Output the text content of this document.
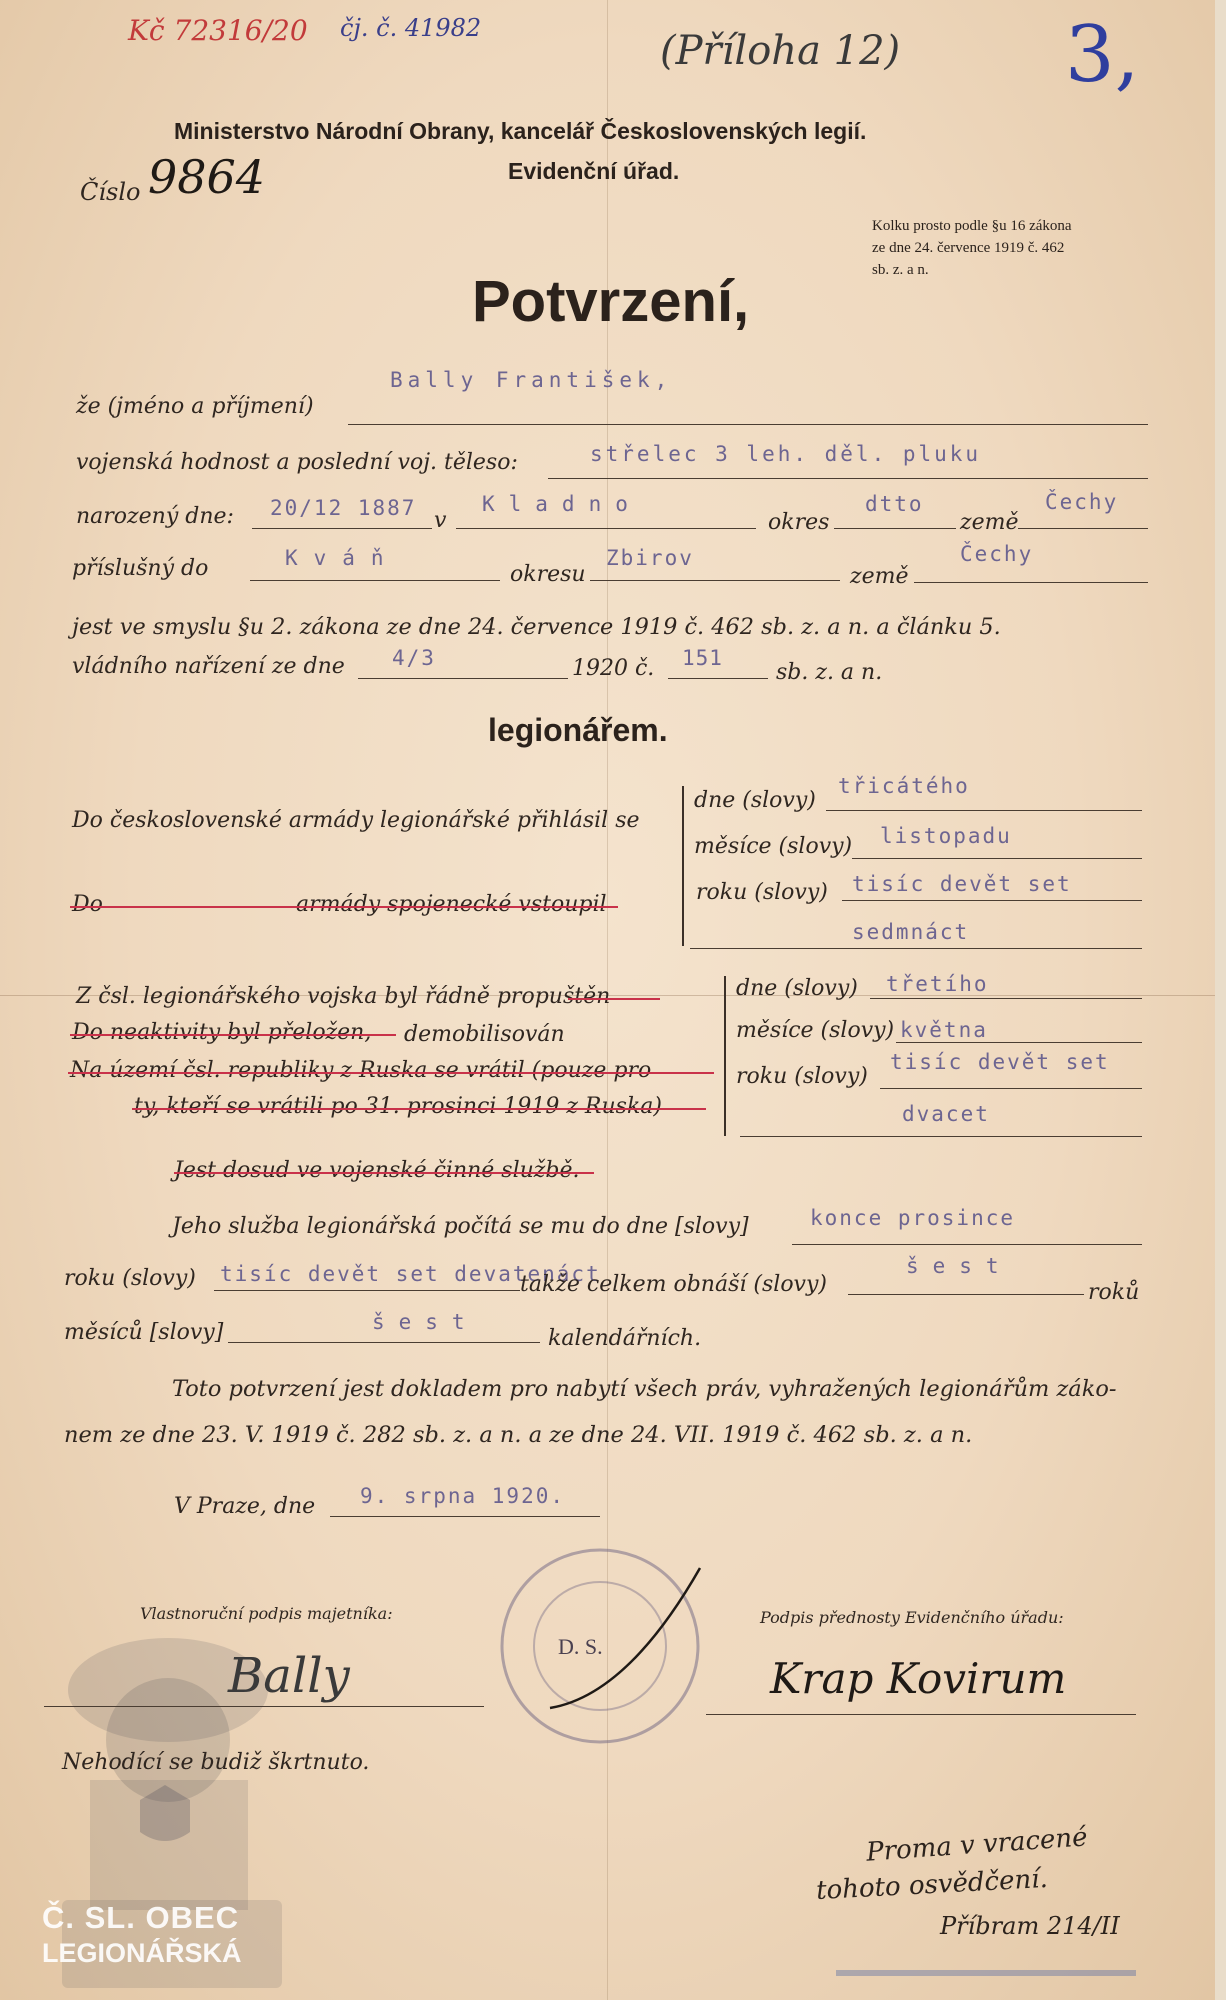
Kč 72316/20 čj. č. 41982	(Příloha 12) 3,
Ministerstvo Národní Obrany, kancelář Československých legií.
Evidenční úřad.
Číslo 9864
Kolku prosto podle §u 16 zákona
ze dne 24. července 1919 č. 462
sb. z. a n.
Potvrzení,
že (jméno a příjmení)
Bally František,
vojenská hodnost a poslední voj. těleso:	střelec 3 leh. děl. pluku
narozený dne: 20/12 1887 v
Kladno
okres
dtto
země
Čechy
příslušný do	Kváň
okresu
Zbirov
země
Čechy
jest ve smyslu §u 2. zákona ze dne 24. července 1919 č. 462 sb. z. a n. a článku 5.
vládního nařízení ze dne 4/3	1920 č. 151
sb. z. a n.
legionářem.
Do československé armády legionářské přihlásil se
Do	armády spojenecké vstoupil
dne (slovy)
třicátého
měsíce (slovy) listopadu
roku (slovy) tisíc devět set
sedmnáct
Z čsl. legionářského vojska byl řádně propuštěn
Do neaktivity byl přeložen, demobilisován
Na území čsl. republiky z Ruska se vrátil (pouze pro
ty, kteří se vrátili po 31. prosinci 1919 z Ruska)
dne (slovy) třetího
měsíce (slovy) května
roku (slovy)
tisíc devět set
dvacet
Jest dosud ve vojenské činné službě.
Jeho služba legionářská počítá se mu do dne [slovy]	konce prosince
roku (slovy) tisíc devět set devatenáct
takže celkem obnáší (slovy)
šest
roků
měsíců [slovy]	šest
kalendářních.
Toto potvrzení jest dokladem pro nabytí všech práv, vyhražených legionářům záko-
nem ze dne 23. V. 1919 č. 282 sb. z. a n. a ze dne 24. VII. 1919 č. 462 sb. z. a n.
V Praze, dne 9. srpna 1920.
Č. SL. OBEC
LEGIONÁŘSKÁ
Vlastnoruční podpis majetníka:
Bally
Nehodící se budiž škrtnuto.
D. S.
Podpis přednosty Evidenčního úřadu:
Krap Kovirum
Proma v vracené
tohoto osvědčení.
Příbram 214/II
